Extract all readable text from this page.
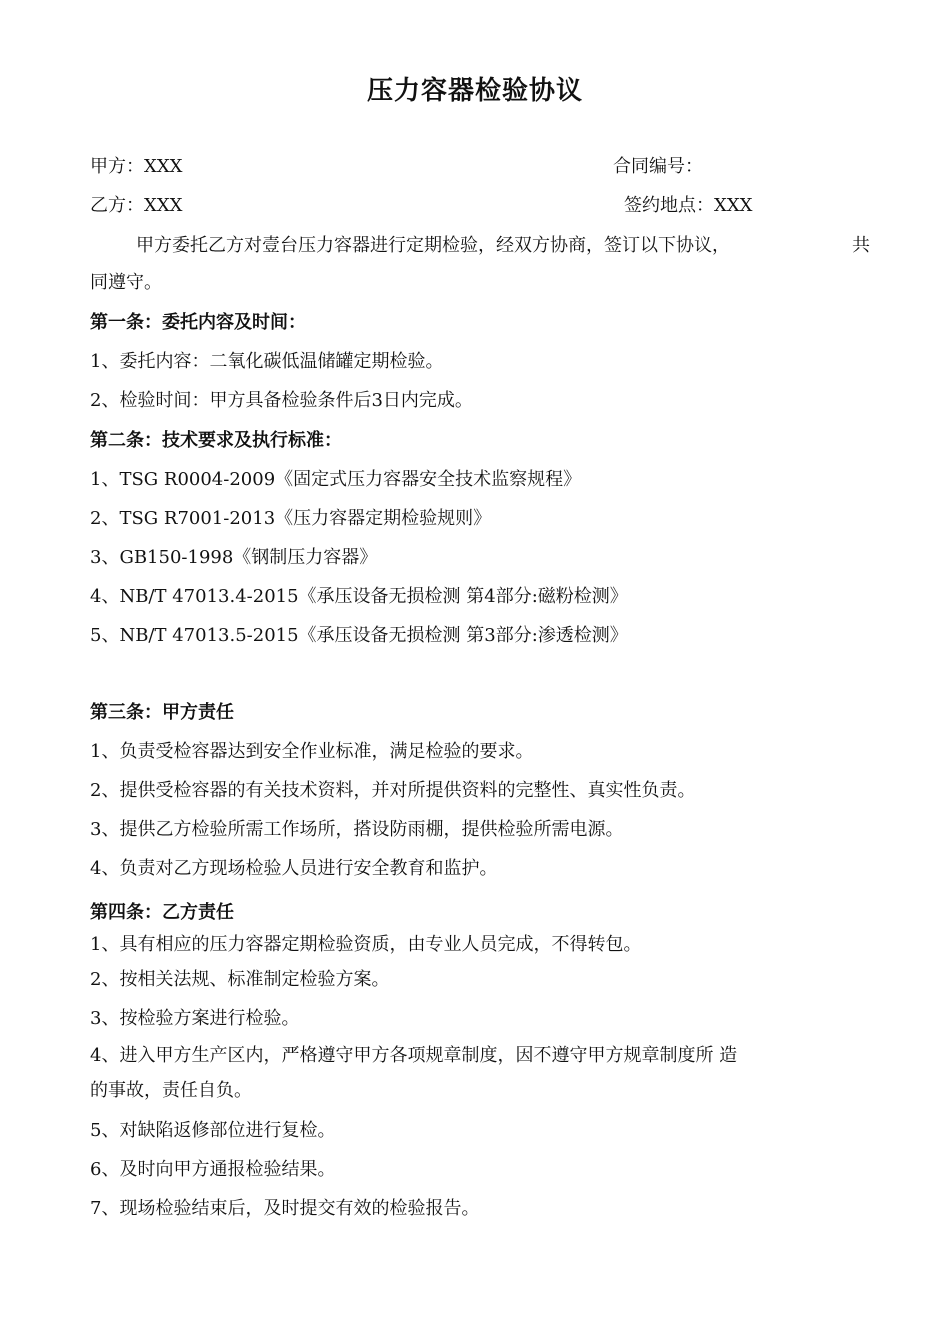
压力容器检验协议
甲方：XXX	合同编号：
乙方：XXX	签约地点：XXX
甲方委托乙方对壹台压力容器进行定期检验，经双方协商，签订以下协议，	共
同遵守。
第一条：委托内容及时间：
1、委托内容：二氧化碳低温储罐定期检验。
2、检验时间：甲方具备检验条件后3日内完成。
第二条：技术要求及执行标准：
1、TSG R0004-2009《固定式压力容器安全技术监察规程》
2、TSG R7001-2013《压力容器定期检验规则》
3、GB150-1998《钢制压力容器》
4、NB/T 47013.4-2015《承压设备无损检测 第4部分:磁粉检测》
5、NB/T 47013.5-2015《承压设备无损检测 第3部分:渗透检测》
第三条：甲方责任
1、负责受检容器达到安全作业标准，满足检验的要求。
2、提供受检容器的有关技术资料，并对所提供资料的完整性、真实性负责。
3、提供乙方检验所需工作场所，搭设防雨棚，提供检验所需电源。
4、负责对乙方现场检验人员进行安全教育和监护。
第四条：乙方责任
1、具有相应的压力容器定期检验资质，由专业人员完成，不得转包。
2、按相关法规、标准制定检验方案。
3、按检验方案进行检验。
4、进入甲方生产区内，严格遵守甲方各项规章制度，因不遵守甲方规章制度所 造
的事故，责任自负。
5、对缺陷返修部位进行复检。
6、及时向甲方通报检验结果。
7、现场检验结束后，及时提交有效的检验报告。
